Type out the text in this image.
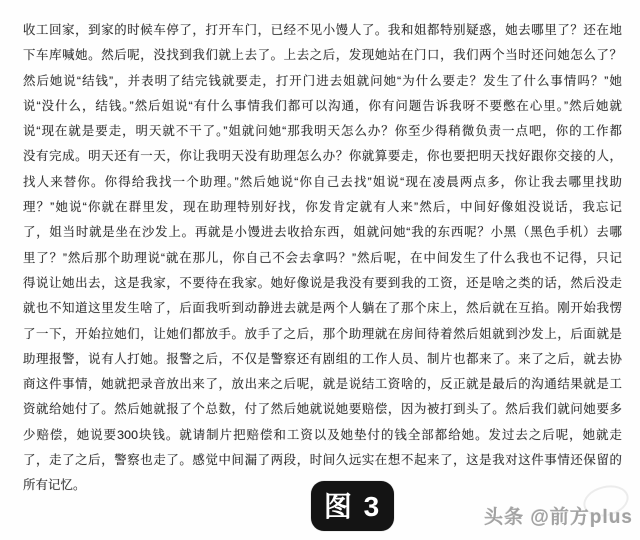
收工回家，到家的时候车停了，打开车门，已经不见小馒人了。我和姐都特别疑惑，她去哪里了？还在地
下车库喊她。然后呢，没找到我们就上去了。上去之后，发现她站在门口，我们两个当时还问她怎么了？
然后她说“结钱”，并表明了结完钱就要走，打开门进去姐就问她“为什么要走？发生了什么事情吗？”她
说“没什么，结钱。”然后姐说“有什么事情我们都可以沟通，你有问题告诉我呀不要憋在心里。”然后她就
说“现在就是要走，明天就不干了。”姐就问她“那我明天怎么办？你至少得稍微负责一点吧，你的工作都
没有完成。明天还有一天，你让我明天没有助理怎么办？你就算要走，你也要把明天找好跟你交接的人，
找人来替你。你得给我找一个助理。”然后她说“你自己去找”姐说“现在凌晨两点多，你让我去哪里找助
理？”她说“你就在群里发，现在助理特别好找，你发肯定就有人来”然后，中间好像姐没说话，我忘记
了，姐当时就是坐在沙发上。再就是小馒进去收拾东西，姐就问她“我的东西呢？小黑（黑色手机）去哪
里了？”然后那个助理说“就在那儿，你自己不会去拿吗？”然后呢，在中间发生了什么我也不记得，只记
得说让她出去，这是我家，不要待在我家。她好像说是我没有要到我的工资，还是啥之类的话，然后没走
就也不知道这里发生啥了，后面我听到动静进去就是两个人躺在了那个床上，然后就在互掐。刚开始我愣
了一下，开始拉她们，让她们都放手。放手了之后，那个助理就在房间待着然后姐就到沙发上，后面就是
助理报警，说有人打她。报警之后，不仅是警察还有剧组的工作人员、制片也都来了。来了之后，就去协
商这件事情，她就把录音放出来了，放出来之后呢，就是说结工资啥的，反正就是最后的沟通结果就是工
资就给她付了。然后她就报了个总数，付了然后她就说她要赔偿，因为被打到头了。然后我们就问她要多
少赔偿，她说要300块钱。就请制片把赔偿和工资以及她垫付的钱全部都给她。发过去之后呢，她就走
了，走了之后，警察也走了。感觉中间漏了两段，时间久远实在想不起来了，这是我对这件事情还保留的
所有记忆。
图 3	头条 @前方plus
